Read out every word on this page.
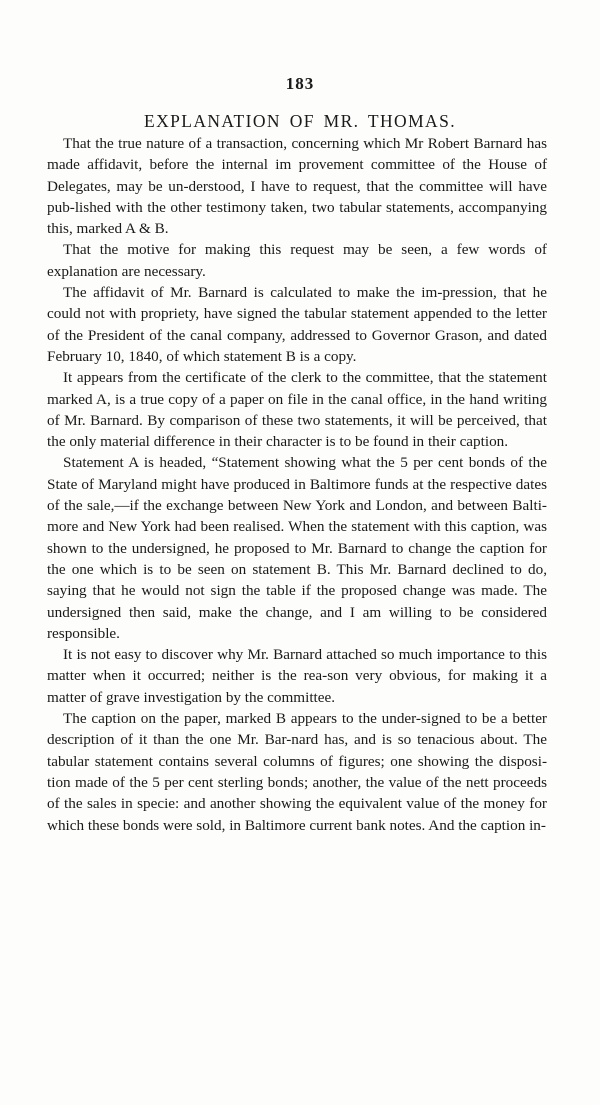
183
EXPLANATION OF MR. THOMAS.

That the true nature of a transaction, concerning which Mr Robert Barnard has made affidavit, before the internal im provement committee of the House of Delegates, may be un-derstood, I have to request, that the committee will have pub-lished with the other testimony taken, two tabular statements, accompanying this, marked A & B.

That the motive for making this request may be seen, a few words of explanation are necessary.

The affidavit of Mr. Barnard is calculated to make the im-pression, that he could not with propriety, have signed the tabular statement appended to the letter of the President of the canal company, addressed to Governor Grason, and dated February 10, 1840, of which statement B is a copy.

It appears from the certificate of the clerk to the committee, that the statement marked A, is a true copy of a paper on file in the canal office, in the hand writing of Mr. Barnard. By comparison of these two statements, it will be perceived, that the only material difference in their character is to be found in their caption.

Statement A is headed, “Statement showing what the 5 per cent bonds of the State of Maryland might have produced in Baltimore funds at the respective dates of the sale,—if the exchange between New York and London, and between Balti-more and New York had been realised. When the statement with this caption, was shown to the undersigned, he proposed to Mr. Barnard to change the caption for the one which is to be seen on statement B. This Mr. Barnard declined to do, saying that he would not sign the table if the proposed change was made. The undersigned then said, make the change, and I am willing to be considered responsible.

It is not easy to discover why Mr. Barnard attached so much importance to this matter when it occurred; neither is the rea-son very obvious, for making it a matter of grave investigation by the committee.

The caption on the paper, marked B appears to the under-signed to be a better description of it than the one Mr. Bar-nard has, and is so tenacious about. The tabular statement contains several columns of figures; one showing the disposi-tion made of the 5 per cent sterling bonds; another, the value of the nett proceeds of the sales in specie: and another showing the equivalent value of the money for which these bonds were sold, in Baltimore current bank notes. And the caption in-
